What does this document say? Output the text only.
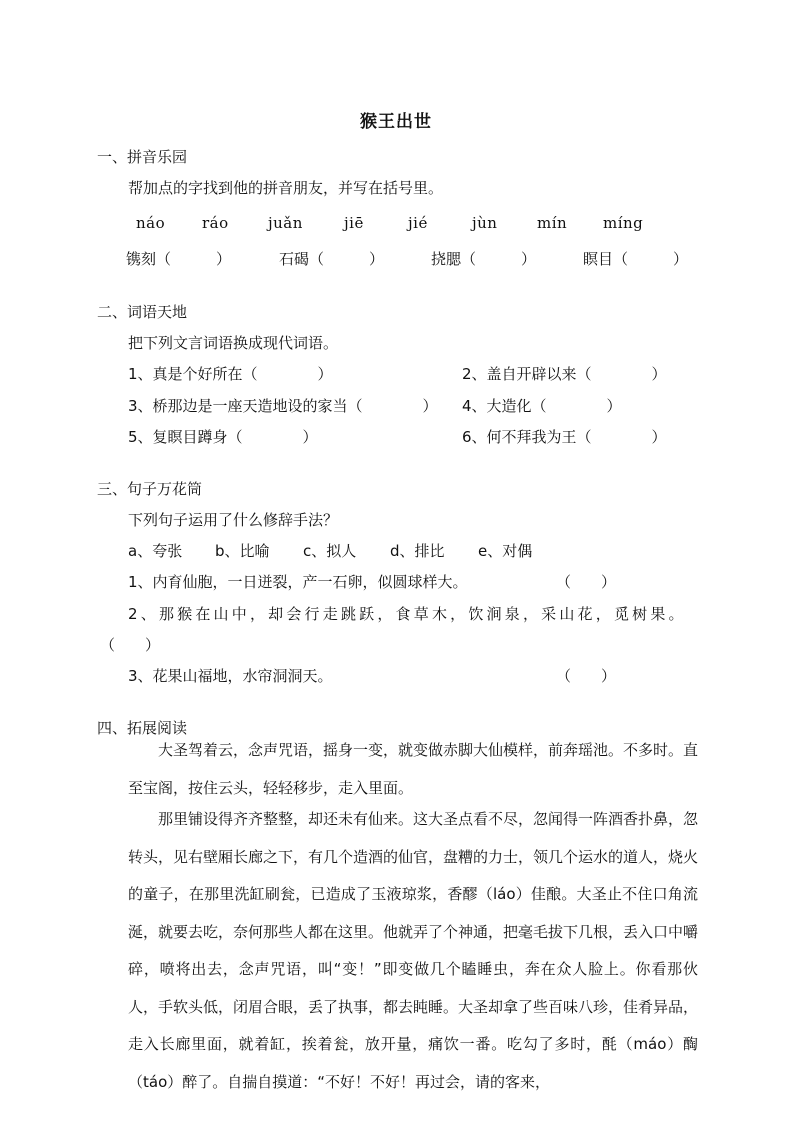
猴王出世
一、拼音乐园
帮加点的字找到他的拼音朋友，并写在括号里。
náo ráo	juǎn	jiē	jié	jùn	mín míng
镌刻（　　　）	石碣（　　　）	挠腮（　　　）	瞑目（　　　）
二、词语天地
把下列文言词语换成现代词语。
1、真是个好所在（　　　　）	2、盖自开辟以来（　　　　）
3、桥那边是一座天造地设的家当（　　　　） 4、大造化（　　　　）
5、复瞑目蹲身（　　　　）	6、何不拜我为王（　　　　）
三、句子万花筒
下列句子运用了什么修辞手法？
a、夸张 b、比喻 c、拟人 d、排比 e、对偶
1、内育仙胞，一日迸裂，产一石卵，似圆球样大。	（　　）
2、那猴在山中，却会行走跳跃，食草木，饮涧泉，采山花，觅树果。
（　　）
3、花果山福地，水帘洞洞天。	（　　）
四、拓展阅读
大圣驾着云，念声咒语，摇身一变，就变做赤脚大仙模样，前奔瑶池。不多时。直至宝阁，按住云头，轻轻移步，走入里面。
那里铺设得齐齐整整，却还未有仙来。这大圣点看不尽，忽闻得一阵酒香扑鼻，忽转头，见右壁厢长廊之下，有几个造酒的仙官，盘糟的力士，领几个运水的道人，烧火的童子，在那里洗缸刷瓮，已造成了玉液琼浆，香醪（láo）佳酿。大圣止不住口角流涎，就要去吃，奈何那些人都在这里。他就弄了个神通，把毫毛拔下几根，丢入口中嚼碎，喷将出去，念声咒语，叫“变！”即变做几个瞌睡虫，奔在众人脸上。你看那伙人，手软头低，闭眉合眼，丢了执事，都去盹睡。大圣却拿了些百味八珍，佳肴异品，走入长廊里面，就着缸，挨着瓮，放开量，痛饮一番。吃勾了多时，酕（máo）醄（táo）醉了。自揣自摸道：“不好！不好！再过会，请的客来，
